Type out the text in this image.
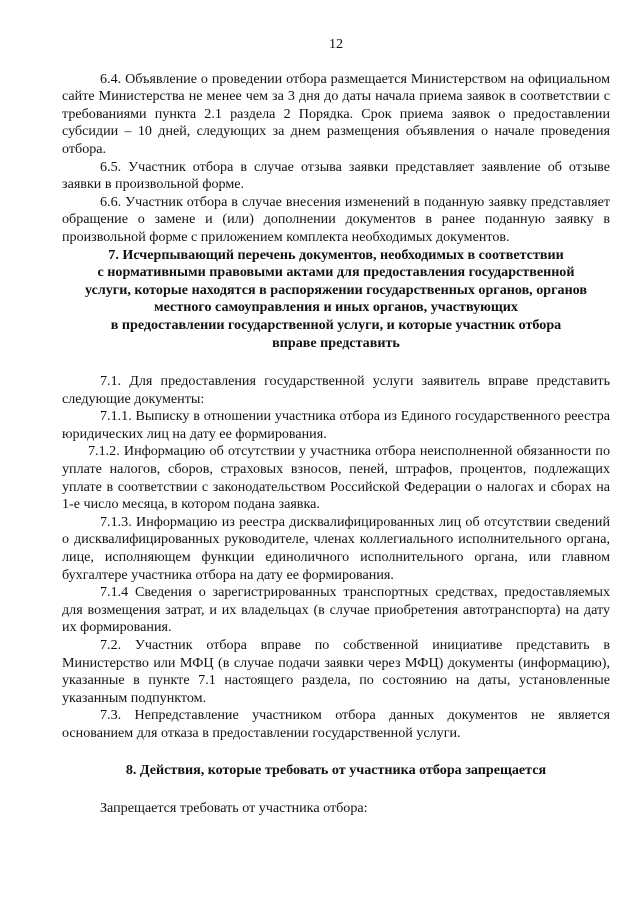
12

6.4. Объявление о проведении отбора размещается Министерством на официальном сайте Министерства не менее чем за 3 дня до даты начала приема заявок в соответствии с требованиями пункта 2.1 раздела 2 Порядка. Срок приема заявок о предоставлении субсидии – 10 дней, следующих за днем размещения объявления о начале проведения отбора.

6.5. Участник отбора в случае отзыва заявки представляет заявление об отзыве заявки в произвольной форме.

6.6. Участник отбора в случае внесения изменений в поданную заявку представляет обращение о замене и (или) дополнении документов в ранее поданную заявку в произвольной форме с приложением комплекта необходимых документов.

7. Исчерпывающий перечень документов, необходимых в соответствии

с нормативными правовыми актами для предоставления государственной

услуги, которые находятся в распоряжении государственных органов, органов

местного самоуправления и иных органов, участвующих

в предоставлении государственной услуги, и которые участник отбора

вправе представить

7.1. Для предоставления государственной услуги заявитель вправе представить следующие документы:

7.1.1. Выписку в отношении участника отбора из Единого государственного реестра юридических лиц на дату ее формирования.

7.1.2. Информацию об отсутствии у участника отбора неисполненной обязанности по уплате налогов, сборов, страховых взносов, пеней, штрафов, процентов, подлежащих уплате в соответствии с законодательством Российской Федерации о налогах и сборах на 1-е число месяца, в котором подана заявка.

7.1.3. Информацию из реестра дисквалифицированных лиц об отсутствии сведений о дисквалифицированных руководителе, членах коллегиального исполнительного органа, лице, исполняющем функции единоличного исполнительного органа, или главном бухгалтере участника отбора на дату ее формирования.

7.1.4 Сведения о зарегистрированных транспортных средствах, предоставляемых для возмещения затрат, и их владельцах (в случае приобретения автотранспорта) на дату их формирования.

7.2. Участник отбора вправе по собственной инициативе представить в Министерство или МФЦ (в случае подачи заявки через МФЦ) документы (информацию), указанные в пункте 7.1 настоящего раздела, по состоянию на даты, установленные указанным подпунктом.

7.3. Непредставление участником отбора данных документов не является основанием для отказа в предоставлении государственной услуги.

8. Действия, которые требовать от участника отбора запрещается

Запрещается требовать от участника отбора:
